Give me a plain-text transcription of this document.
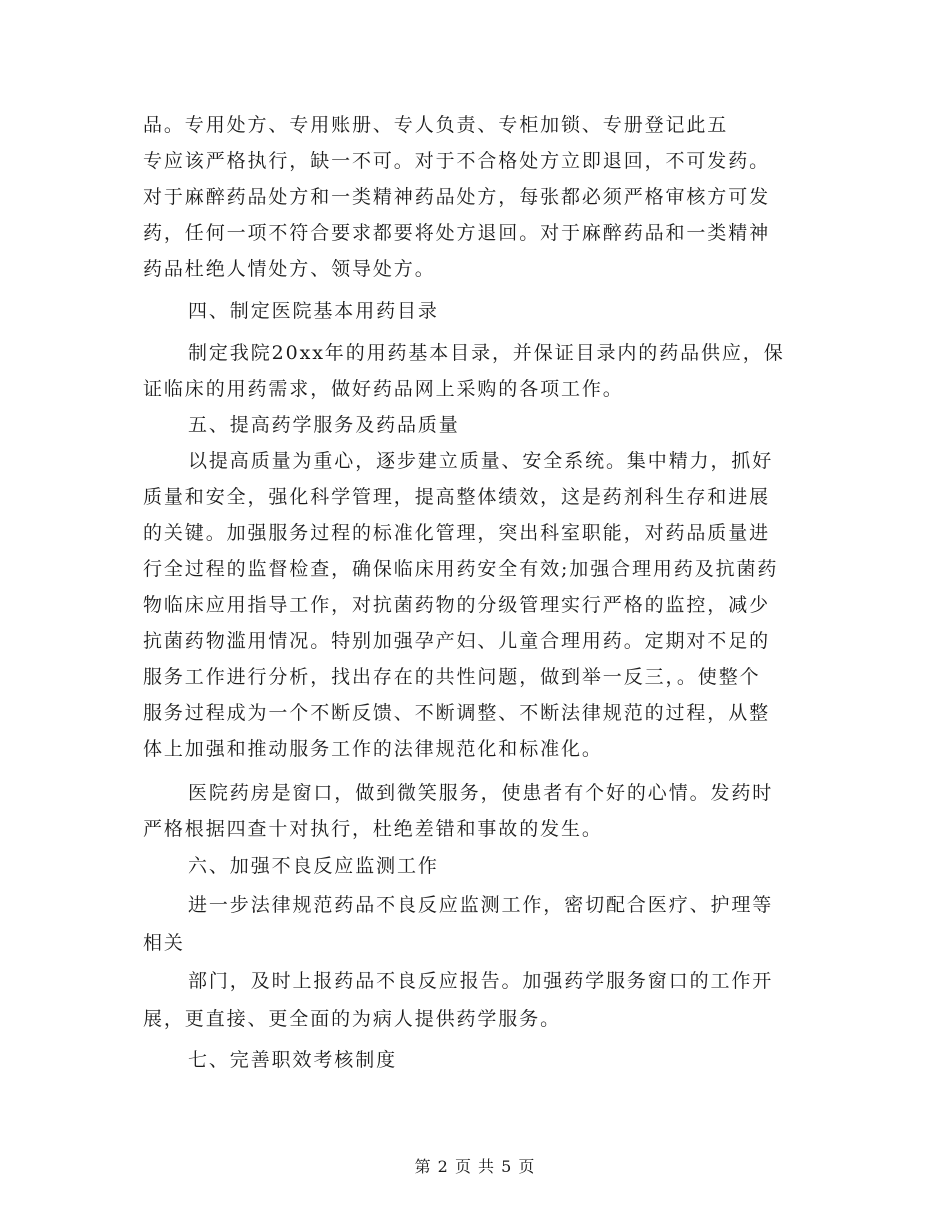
品。专用处方、专用账册、专人负责、专柜加锁、专册登记此五
专应该严格执行，缺一不可。对于不合格处方立即退回，不可发药。
对于麻醉药品处方和一类精神药品处方，每张都必须严格审核方可发
药，任何一项不符合要求都要将处方退回。对于麻醉药品和一类精神
药品杜绝人情处方、领导处方。
四、制定医院基本用药目录
制定我院20xx年的用药基本目录，并保证目录内的药品供应，保
证临床的用药需求，做好药品网上采购的各项工作。
五、提高药学服务及药品质量
以提高质量为重心，逐步建立质量、安全系统。集中精力，抓好
质量和安全，强化科学管理，提高整体绩效，这是药剂科生存和进展
的关键。加强服务过程的标准化管理，突出科室职能，对药品质量进
行全过程的监督检查，确保临床用药安全有效;加强合理用药及抗菌药
物临床应用指导工作，对抗菌药物的分级管理实行严格的监控，减少
抗菌药物滥用情况。特别加强孕产妇、儿童合理用药。定期对不足的
服务工作进行分析，找出存在的共性问题，做到举一反三，。使整个
服务过程成为一个不断反馈、不断调整、不断法律规范的过程，从整
体上加强和推动服务工作的法律规范化和标准化。
医院药房是窗口，做到微笑服务，使患者有个好的心情。发药时
严格根据四查十对执行，杜绝差错和事故的发生。
六、加强不良反应监测工作
进一步法律规范药品不良反应监测工作，密切配合医疗、护理等
相关
部门，及时上报药品不良反应报告。加强药学服务窗口的工作开
展，更直接、更全面的为病人提供药学服务。
七、完善职效考核制度
第 2 页 共 5 页
